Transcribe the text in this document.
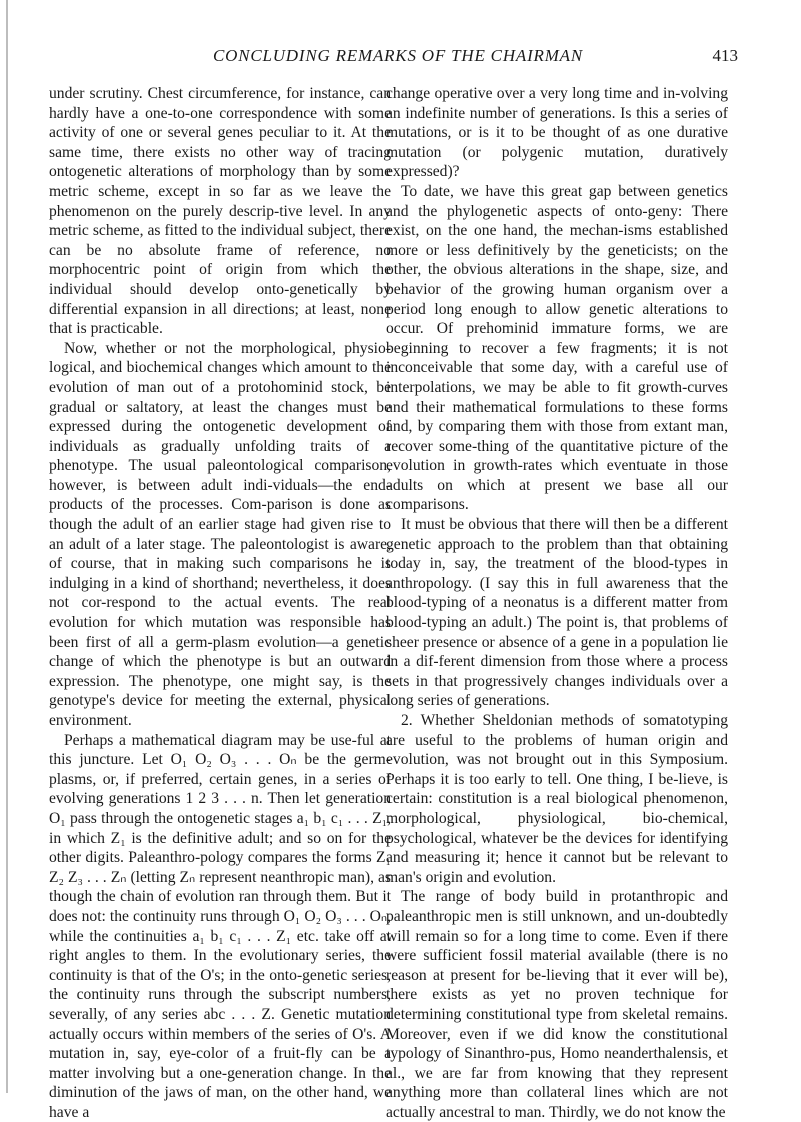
CONCLUDING REMARKS OF THE CHAIRMAN	413

under scrutiny. Chest circumference, for instance, can hardly have a one-to-one correspondence with some activity of one or several genes peculiar to it. At the same time, there exists no other way of tracing ontogenetic alterations of morphology than by some metric scheme, except in so far as we leave the phenomenon on the purely descrip-tive level. In any metric scheme, as fitted to the individual subject, there can be no absolute frame of reference, no morphocentric point of origin from which the individual should develop onto-genetically by differential expansion in all directions; at least, none that is practicable.

Now, whether or not the morphological, physio-logical, and biochemical changes which amount to the evolution of man out of a protohominid stock, be gradual or saltatory, at least the changes must be expressed during the ontogenetic development of individuals as gradually unfolding traits of a phenotype. The usual paleontological comparison, however, is between adult indi-viduals—the end-products of the processes. Com-parison is done as though the adult of an earlier stage had given rise to an adult of a later stage. The paleontologist is aware, of course, that in making such comparisons he is indulging in a kind of shorthand; nevertheless, it does not cor-respond to the actual events. The real evolution for which mutation was responsible has been first of all a germ-plasm evolution—a genetic change of which the phenotype is but an outward expression. The phenotype, one might say, is the genotype's device for meeting the external, physical environment.

Perhaps a mathematical diagram may be use-ful at this juncture. Let O₁ O₂ O₃ . . . Oₙ be the germ-plasms, or, if preferred, certain genes, in a series of evolving generations 1 2 3 . . . n. Then let generation O₁ pass through the ontogenetic stages a₁ b₁ c₁ . . . Z₁, in which Z₁ is the definitive adult; and so on for the other digits. Paleanthro-pology compares the forms Z₁ Z₂ Z₃ . . . Zₙ (letting Zₙ represent neanthropic man), as though the chain of evolution ran through them. But it does not: the continuity runs through O₁ O₂ O₃ . . . Oₙ, while the continuities a₁ b₁ c₁ . . . Z₁ etc. take off at right angles to them. In the evolutionary series, the continuity is that of the O's; in the onto-genetic series, the continuity runs through the subscript numbers, severally, of any series abc . . . Z. Genetic mutation actually occurs within members of the series of O's. A mutation in, say, eye-color of a fruit-fly can be a matter involving but a one-generation change. In the diminution of the jaws of man, on the other hand, we have a

change operative over a very long time and in-volving an indefinite number of generations. Is this a series of mutations, or is it to be thought of as one durative mutation (or polygenic mutation, duratively expressed)?

To date, we have this great gap between genetics and the phylogenetic aspects of onto-geny: There exist, on the one hand, the mechan-isms established more or less definitively by the geneticists; on the other, the obvious alterations in the shape, size, and behavior of the growing human organism over a period long enough to allow genetic alterations to occur. Of prehominid immature forms, we are beginning to recover a few fragments; it is not inconceivable that some day, with a careful use of interpolations, we may be able to fit growth-curves and their mathematical formulations to these forms and, by comparing them with those from extant man, recover some-thing of the quantitative picture of the evolution in growth-rates which eventuate in those adults on which at present we base all our comparisons.

It must be obvious that there will then be a different genetic approach to the problem than that obtaining today in, say, the treatment of the blood-types in anthropology. (I say this in full awareness that the blood-typing of a neonatus is a different matter from blood-typing an adult.) The point is, that problems of sheer presence or absence of a gene in a population lie in a dif-ferent dimension from those where a process sets in that progressively changes individuals over a long series of generations.

2. Whether Sheldonian methods of somatotyping are useful to the problems of human origin and evolution, was not brought out in this Symposium. Perhaps it is too early to tell. One thing, I be-lieve, is certain: constitution is a real biological phenomenon, morphological, physiological, bio-chemical, psychological, whatever be the devices for identifying and measuring it; hence it cannot but be relevant to man's origin and evolution.

The range of body build in protanthropic and paleanthropic men is still unknown, and un-doubtedly will remain so for a long time to come. Even if there were sufficient fossil material available (there is no reason at present for be-lieving that it ever will be), there exists as yet no proven technique for determining constitutional type from skeletal remains. Moreover, even if we did know the constitutional typology of Sinanthro-pus, Homo neanderthalensis, et al., we are far from knowing that they represent anything more than collateral lines which are not actually ancestral to man. Thirdly, we do not know the
